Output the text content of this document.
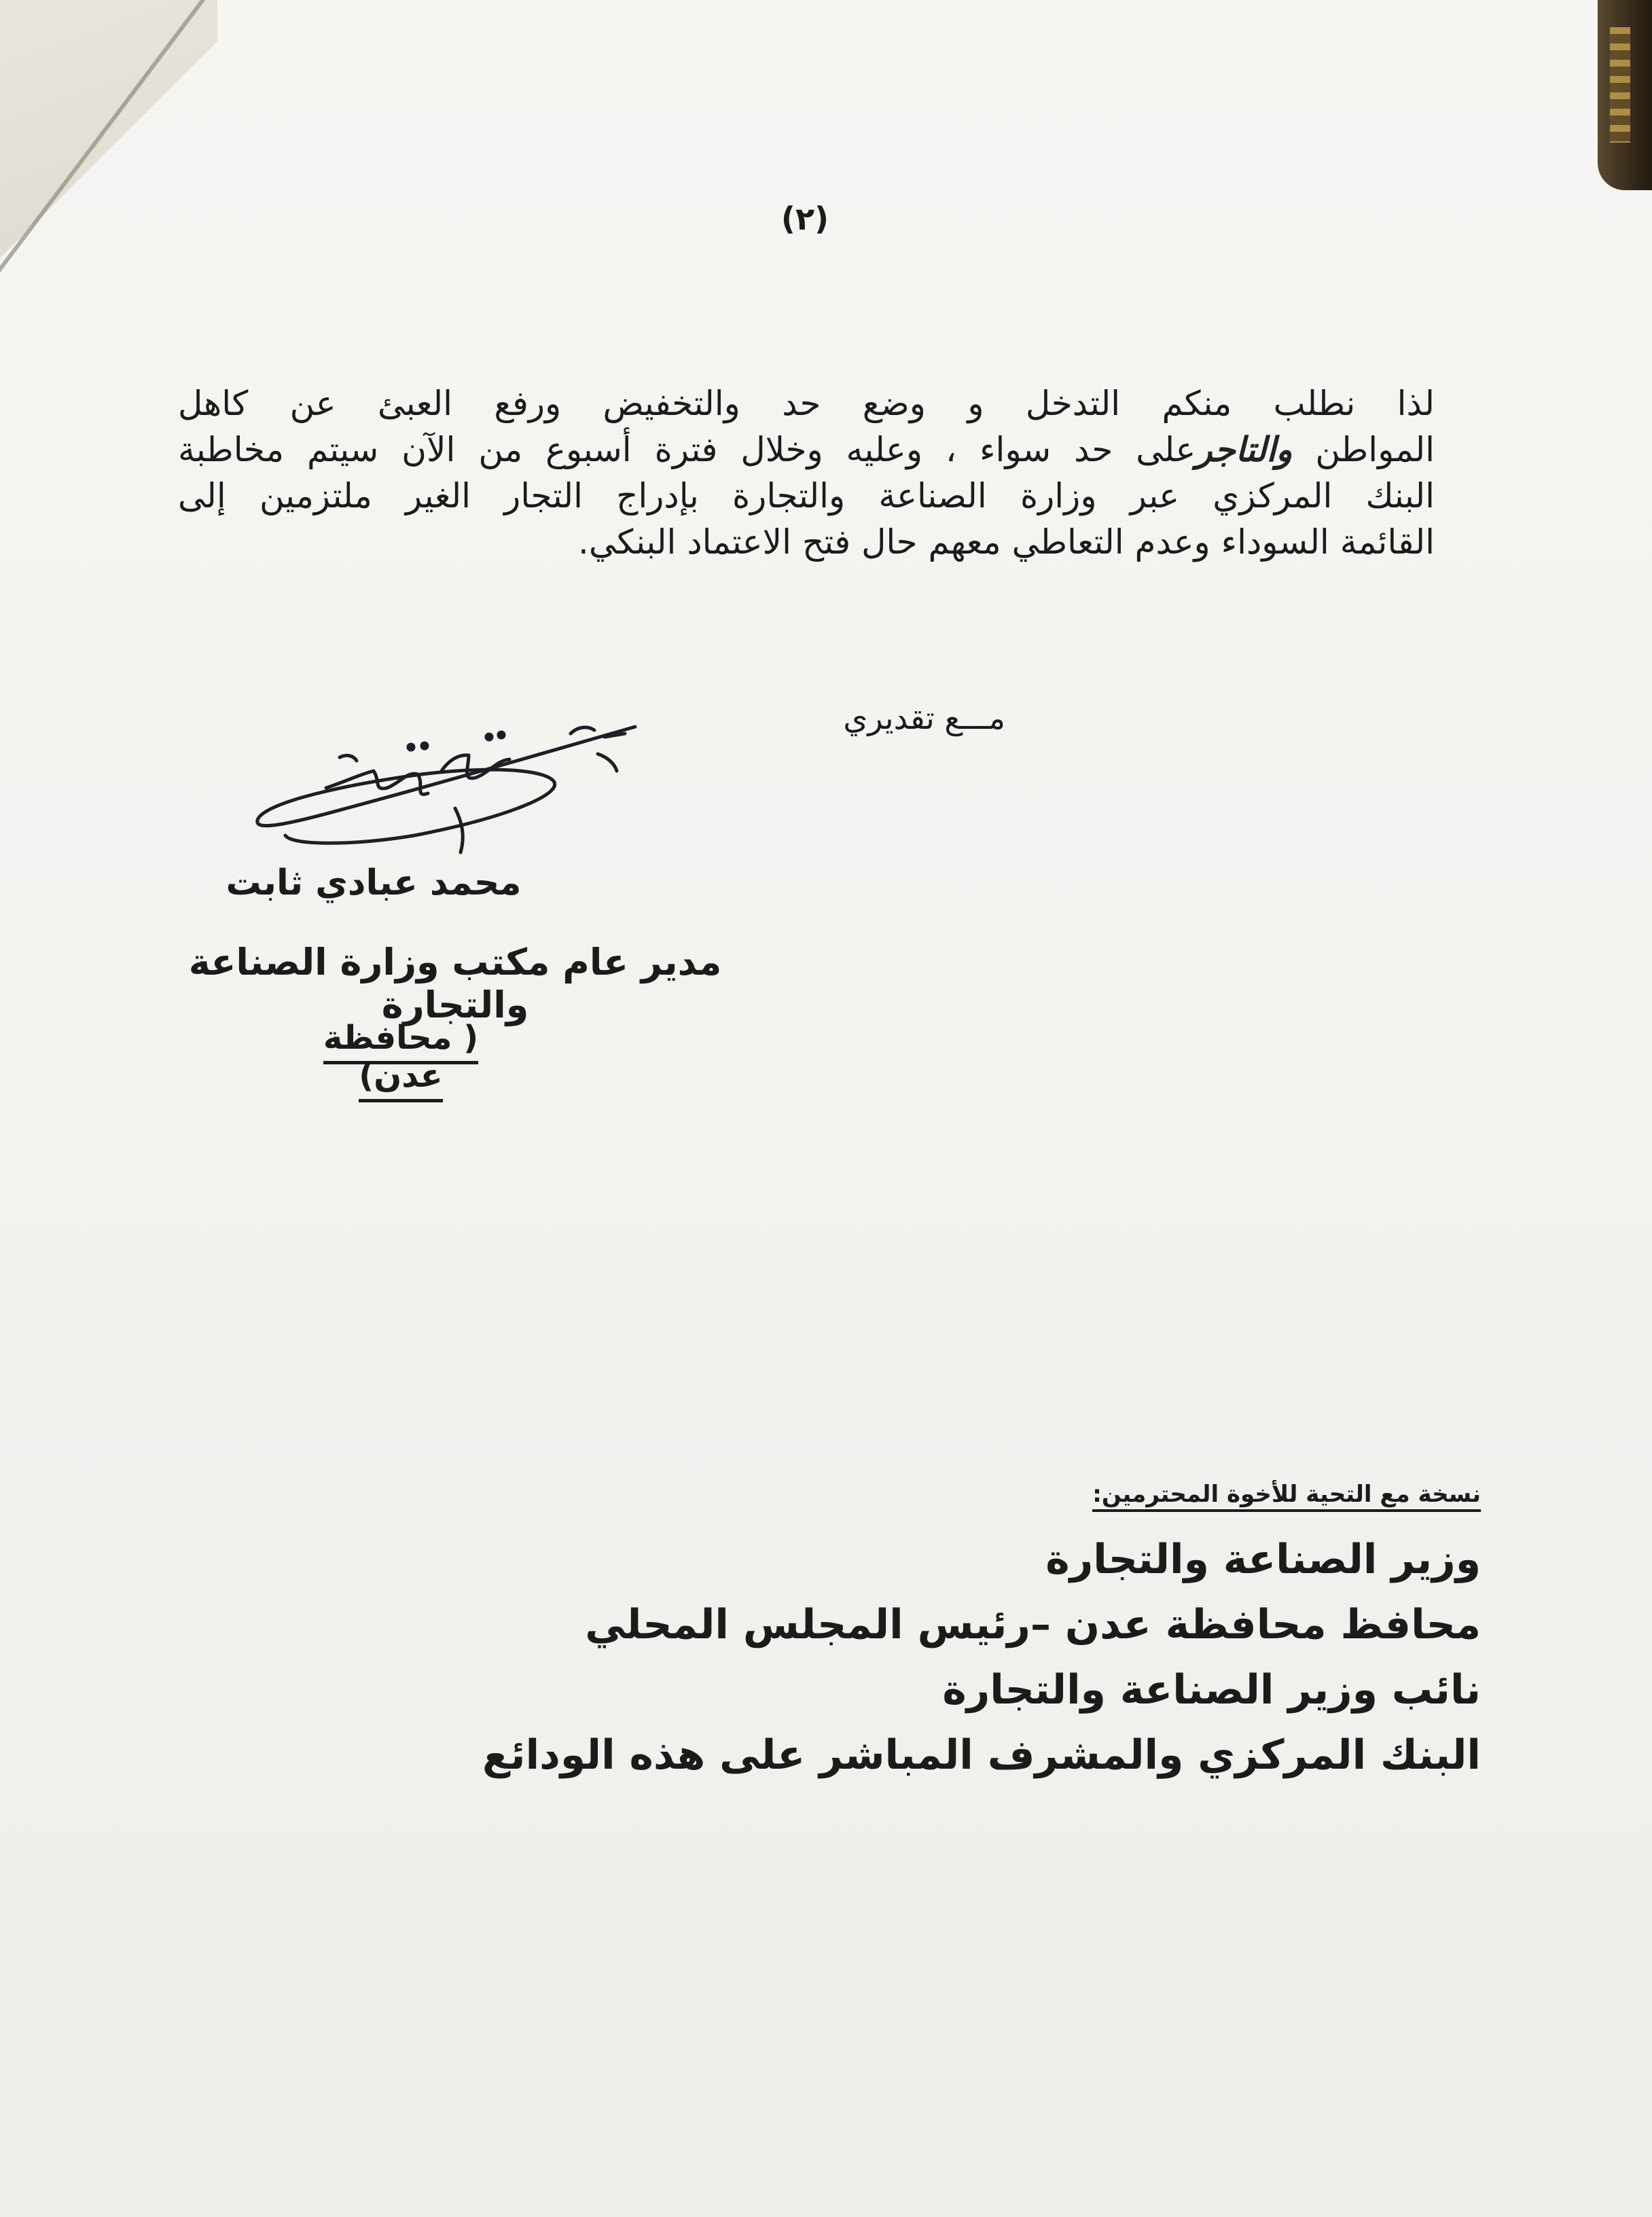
(٢)

لذا نطلب منكم التدخل و وضع حد والتخفيض ورفع العبئ عن كاهل
المواطن والتاجرعلى حد سواء ، وعليه وخلال فترة أسبوع من الآن سيتم مخاطبة
البنك المركزي عبر وزارة الصناعة والتجارة بإدراج التجار الغير ملتزمين إلى
القائمة السوداء وعدم التعاطي معهم حال فتح الاعتماد البنكي.

مـــع تقديري
محمد عبادي ثابت
مدير عام مكتب وزارة الصناعة والتجارة
( محافظة عدن)
نسخة مع التحية للأخوة المحترمين:
وزير الصناعة والتجارة
محافظ محافظة عدن –رئيس المجلس المحلي
نائب وزير الصناعة والتجارة
البنك المركزي والمشرف المباشر على هذه الودائع
